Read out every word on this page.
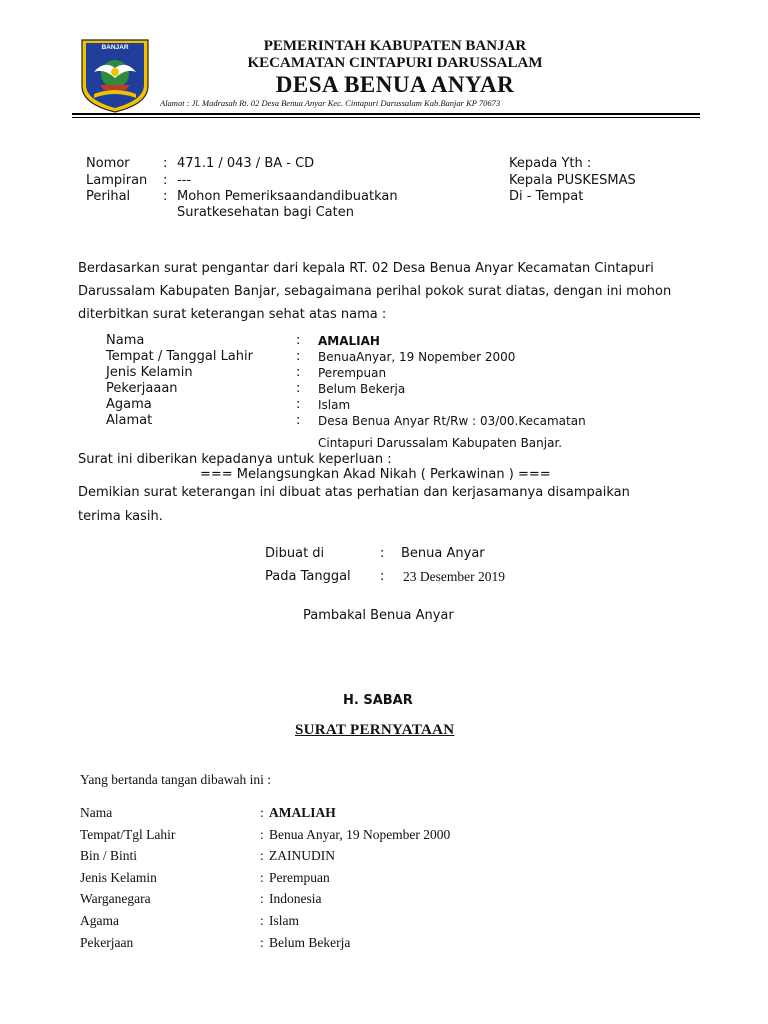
BANJAR	PEMERINTAH KABUPATEN BANJAR
KECAMATAN CINTAPURI DARUSSALAM
DESA BENUA ANYAR
Alamat : Jl. Madrasah Rt. 02 Desa Benua Anyar Kec. Cintapuri Darussalam Kab.Banjar KP 70673
Nomor	: 471.1 / 043 / BA - CD
Lampiran : ---
Perihal	: Mohon Pemeriksaandandibuatkan
Suratkesehatan bagi Caten
Kepada Yth :
Kepala PUSKESMAS
Di - Tempat
Berdasarkan surat pengantar dari kepala RT. 02 Desa Benua Anyar Kecamatan Cintapuri
Darussalam Kabupaten Banjar, sebagaimana perihal pokok surat diatas, dengan ini mohon
diterbitkan surat keterangan sehat atas nama :
Nama	: AMALIAH
Tempat / Tanggal Lahir	: BenuaAnyar, 19 Nopember 2000
Jenis Kelamin	: Perempuan
Pekerjaaan	: Belum Bekerja
Agama	: Islam
Alamat	: Desa Benua Anyar Rt/Rw : 03/00.Kecamatan
Cintapuri Darussalam Kabupaten Banjar.
Surat ini diberikan kepadanya untuk keperluan :
=== Melangsungkan Akad Nikah ( Perkawinan ) ===
Demikian surat keterangan ini dibuat atas perhatian dan kerjasamanya disampaikan
terima kasih.
Dibuat di	: Benua Anyar
Pada Tanggal : 23 Desember 2019
Pambakal Benua Anyar
H. SABAR
SURAT PERNYATAAN
Yang bertanda tangan dibawah ini :
Nama	: AMALIAH
Tempat/Tgl Lahir	: Benua Anyar, 19 Nopember 2000
Bin / Binti	: ZAINUDIN
Jenis Kelamin	: Perempuan
Warganegara	: Indonesia
Agama	: Islam
Pekerjaan	: Belum Bekerja
